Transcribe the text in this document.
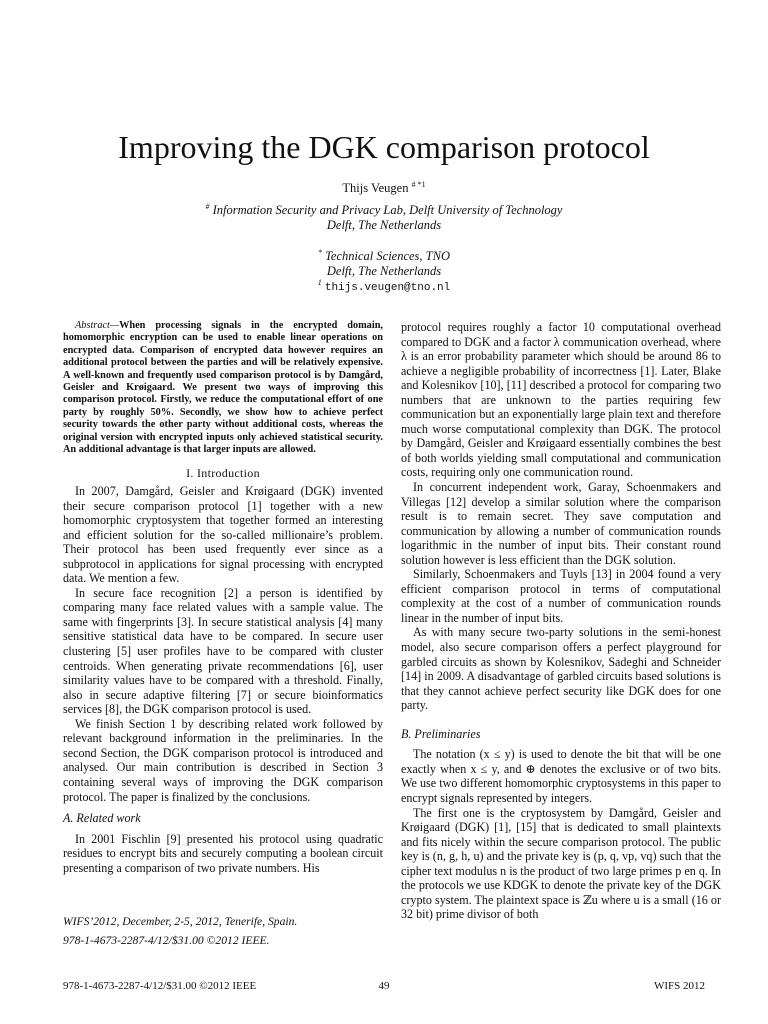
Improving the DGK comparison protocol
Thijs Veugen $^{\# *1}$
# Information Security and Privacy Lab, Delft University of Technology
Delft, The Netherlands
* Technical Sciences, TNO
Delft, The Netherlands
$^1$ thijs.veugen@tno.nl

Abstract—When processing signals in the encrypted domain, homomorphic encryption can be used to enable linear operations on encrypted data. Comparison of encrypted data however requires an additional protocol between the parties and will be relatively expensive. A well-known and frequently used comparison protocol is by Damgård, Geisler and Krøigaard. We present two ways of improving this comparison protocol. Firstly, we reduce the computational effort of one party by roughly 50%. Secondly, we show how to achieve perfect security towards the other party without additional costs, whereas the original version with encrypted inputs only achieved statistical security. An additional advantage is that larger inputs are allowed.

I. Introduction

In 2007, Damgård, Geisler and Krøigaard (DGK) invented their secure comparison protocol [1] together with a new homomorphic cryptosystem that together formed an interesting and efficient solution for the so-called millionaire’s problem. Their protocol has been used frequently ever since as a subprotocol in applications for signal processing with encrypted data. We mention a few.

In secure face recognition [2] a person is identified by comparing many face related values with a sample value. The same with fingerprints [3]. In secure statistical analysis [4] many sensitive statistical data have to be compared. In secure user clustering [5] user profiles have to be compared with cluster centroids. When generating private recommendations [6], user similarity values have to be compared with a threshold. Finally, also in secure adaptive filtering [7] or secure bioinformatics services [8], the DGK comparison protocol is used.

We finish Section 1 by describing related work followed by relevant background information in the preliminaries. In the second Section, the DGK comparison protocol is introduced and analysed. Our main contribution is described in Section 3 containing several ways of improving the DGK comparison protocol. The paper is finalized by the conclusions.

A. Related work

In 2001 Fischlin [9] presented his protocol using quadratic residues to encrypt bits and securely computing a boolean circuit presenting a comparison of two private numbers. His

protocol requires roughly a factor 10 computational overhead compared to DGK and a factor λ communication overhead, where λ is an error probability parameter which should be around 86 to achieve a negligible probability of incorrectness [1]. Later, Blake and Kolesnikov [10], [11] described a protocol for comparing two numbers that are unknown to the parties requiring few communication but an exponentially large plain text and therefore much worse computational complexity than DGK. The protocol by Damgård, Geisler and Krøigaard essentially combines the best of both worlds yielding small computational and communication costs, requiring only one communication round.

In concurrent independent work, Garay, Schoenmakers and Villegas [12] develop a similar solution where the comparison result is to remain secret. They save computation and communication by allowing a number of communication rounds logarithmic in the number of input bits. Their constant round solution however is less efficient than the DGK solution.

Similarly, Schoenmakers and Tuyls [13] in 2004 found a very efficient comparison protocol in terms of computational complexity at the cost of a number of communication rounds linear in the number of input bits.

As with many secure two-party solutions in the semi-honest model, also secure comparison offers a perfect playground for garbled circuits as shown by Kolesnikov, Sadeghi and Schneider [14] in 2009. A disadvantage of garbled circuits based solutions is that they cannot achieve perfect security like DGK does for one party.

B. Preliminaries

The notation (x ≤ y) is used to denote the bit that will be one exactly when x ≤ y, and ⊕ denotes the exclusive or of two bits. We use two different homomorphic cryptosystems in this paper to encrypt signals represented by integers.

The first one is the cryptosystem by Damgård, Geisler and Krøigaard (DGK) [1], [15] that is dedicated to small plaintexts and fits nicely within the secure comparison protocol. The public key is (n, g, h, u) and the private key is (p, q, vp, vq) such that the cipher text modulus n is the product of two large primes p en q. In the protocols we use KDGK to denote the private key of the DGK crypto system. The plaintext space is ℤu where u is a small (16 or 32 bit) prime divisor of both

WIFS’2012, December, 2-5, 2012, Tenerife, Spain.
978-1-4673-2287-4/12/$31.00 ©2012 IEEE.
978-1-4673-2287-4/12/$31.00 ©2012 IEEE	49	WIFS 2012
